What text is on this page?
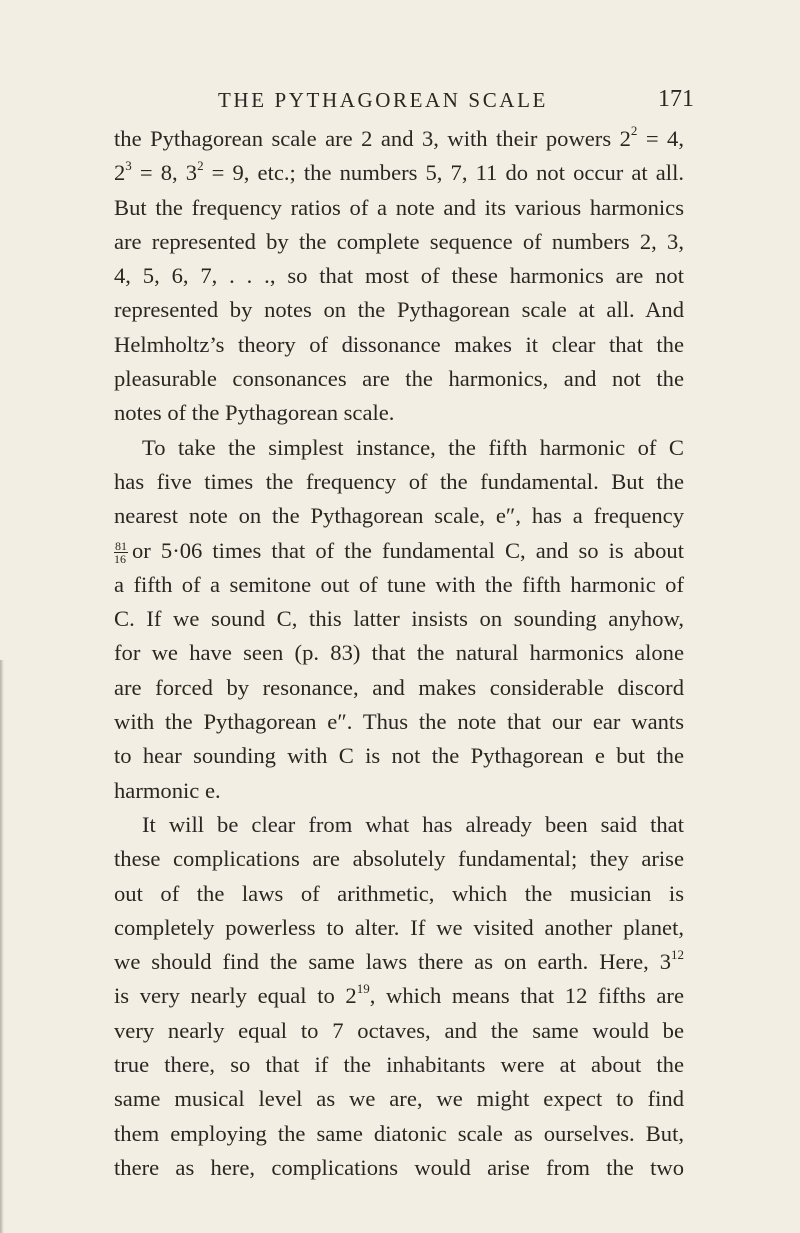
THE PYTHAGOREAN SCALE	171
the Pythagorean scale are 2 and 3, with their powers $2^2 = 4$,
$2^3 = 8$, $3^2 = 9$, etc.; the numbers 5, 7, 11 do not occur at all.
But the frequency ratios of a note and its various harmonics
are represented by the complete sequence of numbers 2, 3,
4, 5, 6, 7, . . ., so that most of these harmonics are not
represented by notes on the Pythagorean scale at all. And
Helmholtz’s theory of dissonance makes it clear that the
pleasurable consonances are the harmonics, and not the
notes of the Pythagorean scale.
To take the simplest instance, the fifth harmonic of C
has five times the frequency of the fundamental. But the
nearest note on the Pythagorean scale, e″, has a frequency
$\frac{81}{16}$ or 5·06 times that of the fundamental C, and so is about
a fifth of a semitone out of tune with the fifth harmonic of
C. If we sound C, this latter insists on sounding anyhow,
for we have seen (p. 83) that the natural harmonics alone
are forced by resonance, and makes considerable discord
with the Pythagorean e″. Thus the note that our ear wants
to hear sounding with C is not the Pythagorean e but the
harmonic e.
It will be clear from what has already been said that
these complications are absolutely fundamental; they arise
out of the laws of arithmetic, which the musician is
completely powerless to alter. If we visited another planet,
we should find the same laws there as on earth. Here, $3^{12}$
is very nearly equal to $2^{19}$, which means that 12 fifths are
very nearly equal to 7 octaves, and the same would be
true there, so that if the inhabitants were at about the
same musical level as we are, we might expect to find
them employing the same diatonic scale as ourselves. But,
there as here, complications would arise from the two
